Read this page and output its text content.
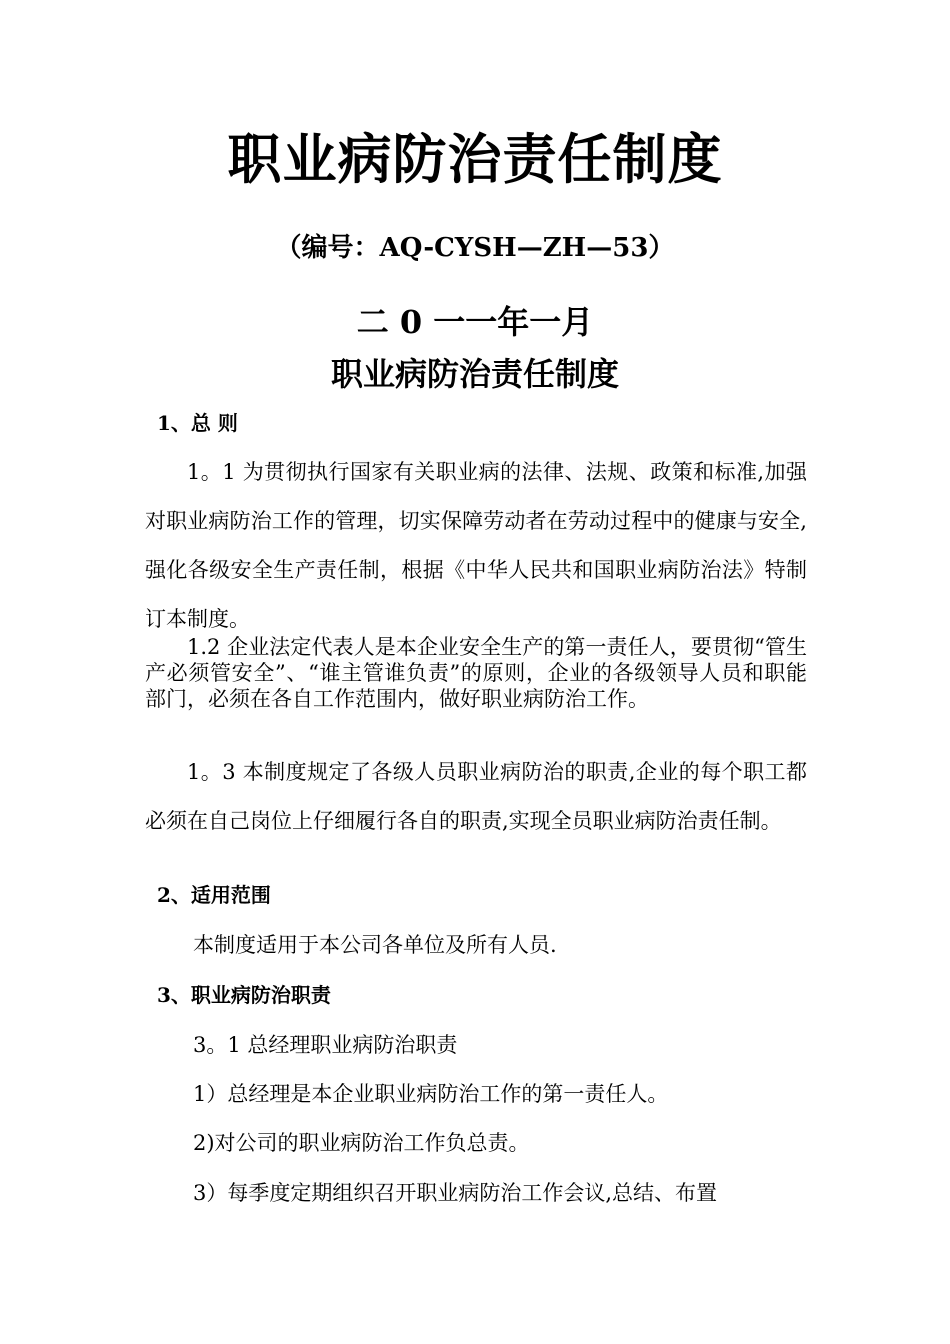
职业病防治责任制度

（编号：AQ-CYSH—ZH—53）

二 0 一一年一月

职业病防治责任制度
1、总 则

1。1 为贯彻执行国家有关职业病的法律、法规、政策和标准,加强对职业病防治工作的管理，切实保障劳动者在劳动过程中的健康与安全,强化各级安全生产责任制，根据《中华人民共和国职业病防治法》特制订本制度。

1.2 企业法定代表人是本企业安全生产的第一责任人，要贯彻“管生产必须管安全”、“谁主管谁负责”的原则，企业的各级领导人员和职能部门，必须在各自工作范围内，做好职业病防治工作。

1。3 本制度规定了各级人员职业病防治的职责,企业的每个职工都必须在自己岗位上仔细履行各自的职责,实现全员职业病防治责任制。

2、适用范围

本制度适用于本公司各单位及所有人员.

3、职业病防治职责

3。1 总经理职业病防治职责

1）总经理是本企业职业病防治工作的第一责任人。

2)对公司的职业病防治工作负总责。

3）每季度定期组织召开职业病防治工作会议,总结、布置
